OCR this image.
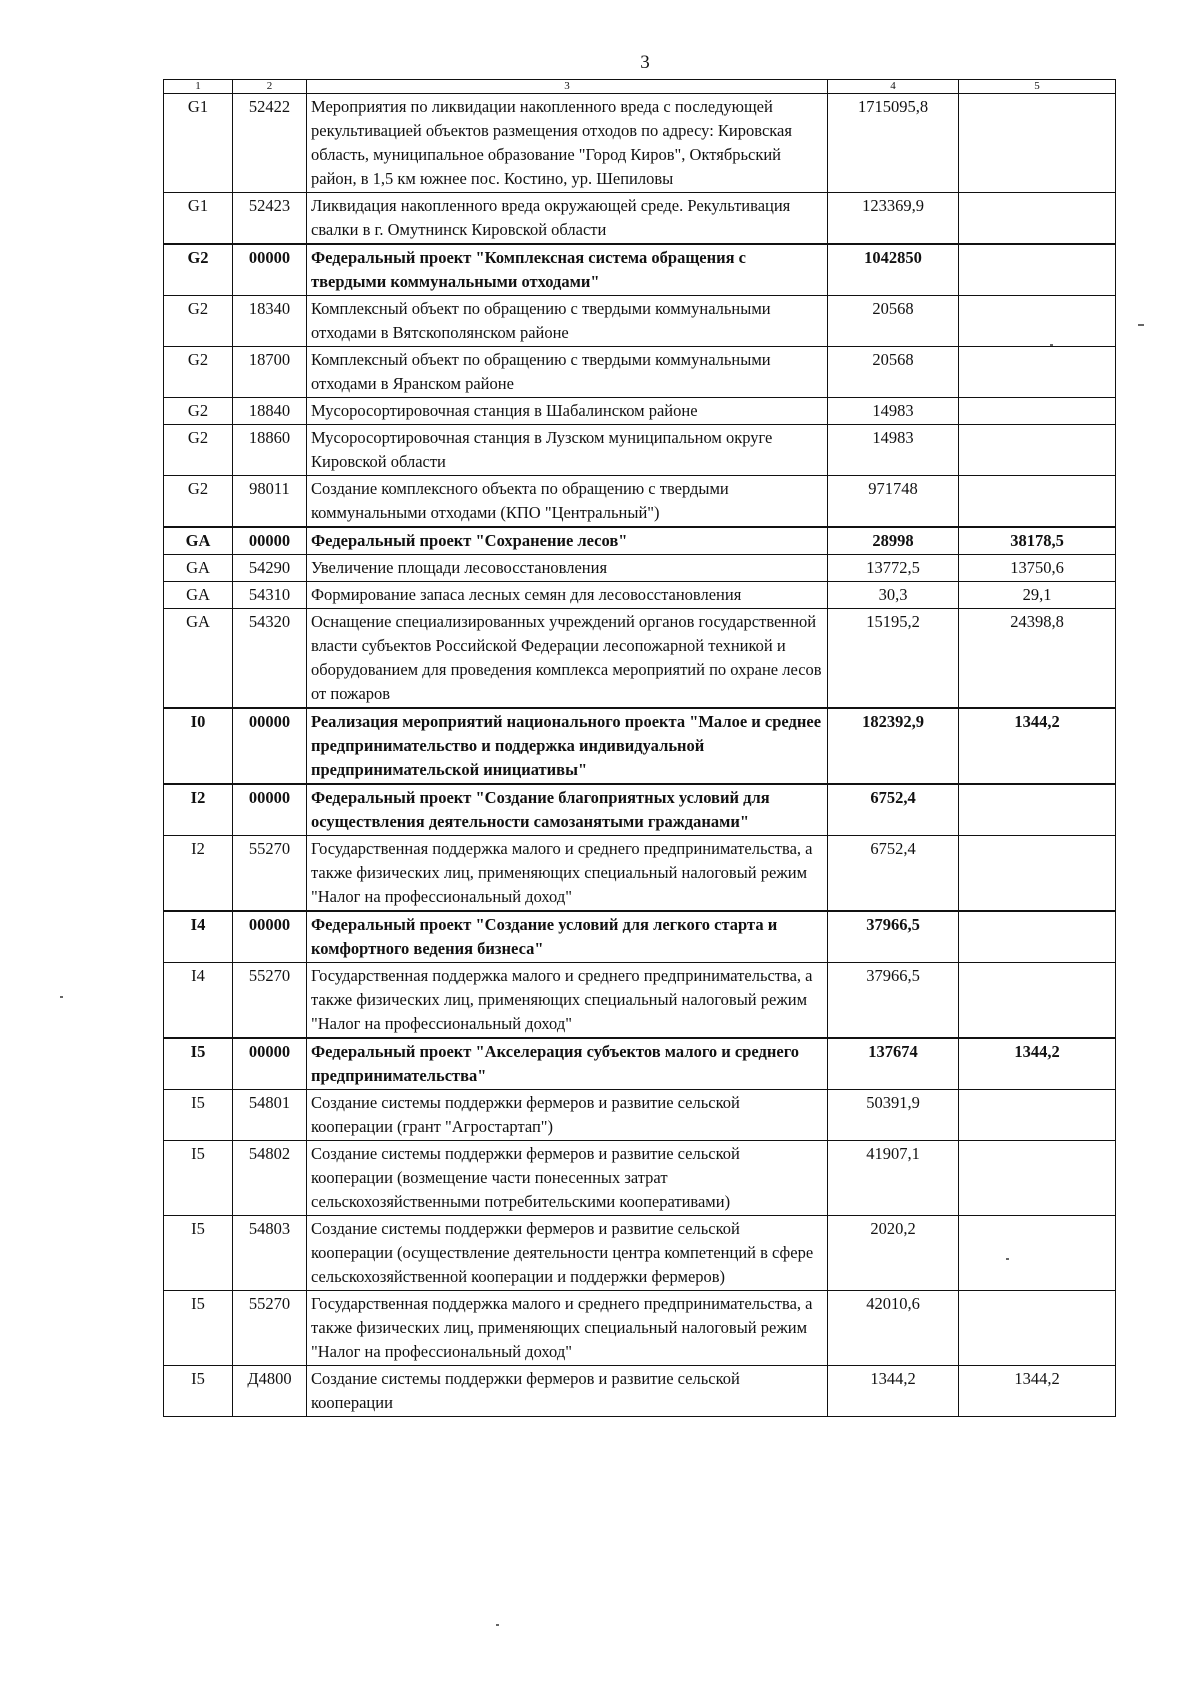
3
1	2	3	4	5
G1	52422	Мероприятия по ликвидации накопленного вреда с последующей рекультивацией объектов размещения отходов по адресу: Кировская область, муниципальное образование "Город Киров", Октябрьский район, в 1,5 км южнее пос. Костино, ур. Шепиловы	1715095,8	
G1	52423	Ликвидация накопленного вреда окружающей среде. Рекультивация свалки в г. Омутнинск Кировской области	123369,9	
G2	00000	Федеральный проект "Комплексная система обращения с твердыми коммунальными отходами"	1042850	
G2	18340	Комплексный объект по обращению с твердыми коммунальными отходами в Вятскополянском районе	20568	
G2	18700	Комплексный объект по обращению с твердыми коммунальными отходами в Яранском районе	20568	
G2	18840	Мусоросортировочная станция в Шабалинском районе	14983	
G2	18860	Мусоросортировочная станция в Лузском муниципальном округе Кировской области	14983	
G2	98011	Создание комплексного объекта по обращению с твердыми коммунальными отходами (КПО "Центральный")	971748	
GA	00000	Федеральный проект "Сохранение лесов"	28998	38178,5
GA	54290	Увеличение площади лесовосстановления	13772,5	13750,6
GA	54310	Формирование запаса лесных семян для лесовосстановления	30,3	29,1
GA	54320	Оснащение специализированных учреждений органов государственной власти субъектов Российской Федерации лесопожарной техникой и оборудованием для проведения комплекса мероприятий по охране лесов от пожаров	15195,2	24398,8
I0	00000	Реализация мероприятий национального проекта "Малое и среднее предпринимательство и поддержка индивидуальной предпринимательской инициативы"	182392,9	1344,2
I2	00000	Федеральный проект "Создание благоприятных условий для осуществления деятельности самозанятыми гражданами"	6752,4	
I2	55270	Государственная поддержка малого и среднего предпринимательства, а также физических лиц, применяющих специальный налоговый режим "Налог на профессиональный доход"	6752,4	
I4	00000	Федеральный проект "Создание условий для легкого старта и комфортного ведения бизнеса"	37966,5	
I4	55270	Государственная поддержка малого и среднего предпринимательства, а также физических лиц, применяющих специальный налоговый режим "Налог на профессиональный доход"	37966,5	
I5	00000	Федеральный проект "Акселерация субъектов малого и среднего предпринимательства"	137674	1344,2
I5	54801	Создание системы поддержки фермеров и развитие сельской кооперации (грант "Агростартап")	50391,9	
I5	54802	Создание системы поддержки фермеров и развитие сельской кооперации (возмещение части понесенных затрат сельскохозяйственными потребительскими кооперативами)	41907,1	
I5	54803	Создание системы поддержки фермеров и развитие сельской кооперации (осуществление деятельности центра компетенций в сфере сельскохозяйственной кооперации и поддержки фермеров)	2020,2	
I5	55270	Государственная поддержка малого и среднего предпринимательства, а также физических лиц, применяющих специальный налоговый режим "Налог на профессиональный доход"	42010,6	
I5	Д4800	Создание системы поддержки фермеров и развитие сельской кооперации	1344,2	1344,2
